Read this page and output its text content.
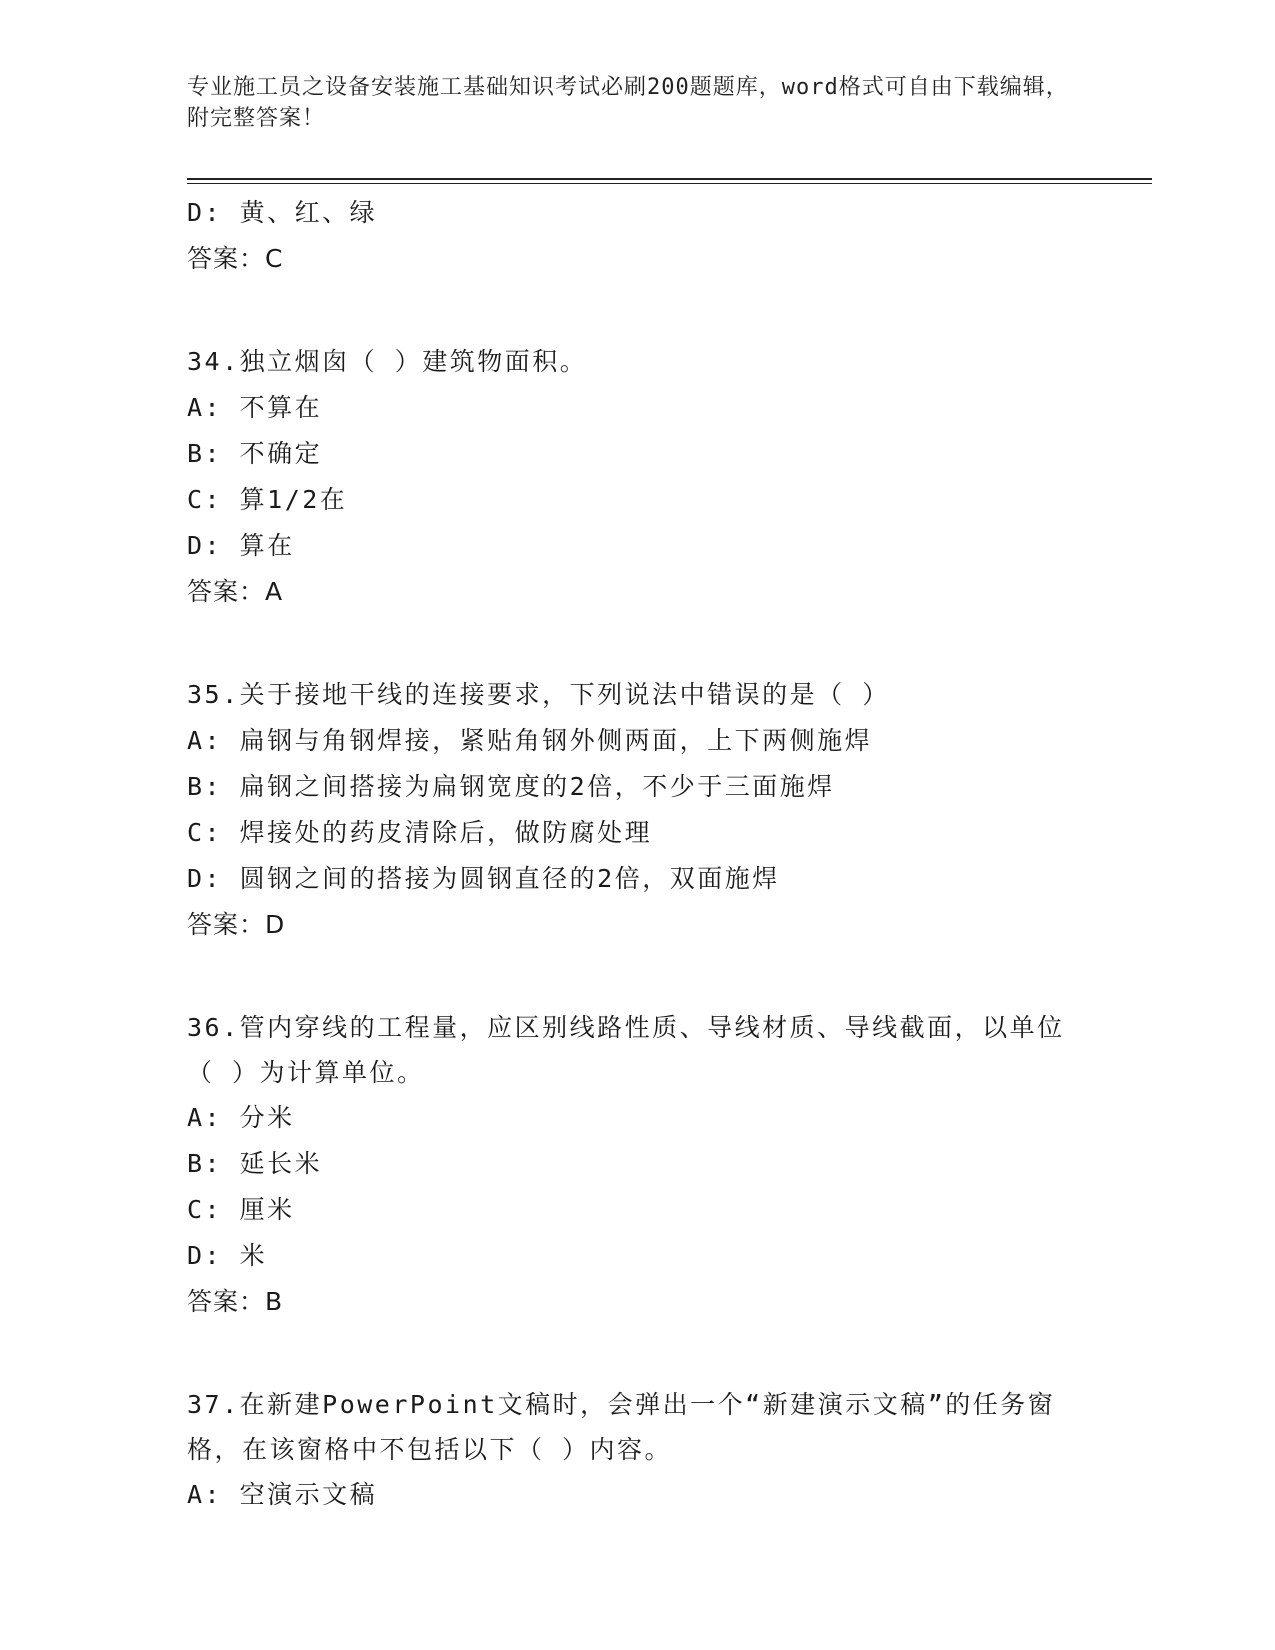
专业施工员之设备安装施工基础知识考试必刷200题题库，word格式可自由下载编辑，附完整答案！
D: 黄、红、绿
答案：C
34.独立烟囱（ ）建筑物面积。
A: 不算在
B: 不确定
C: 算1/2在
D: 算在
答案：A
35.关于接地干线的连接要求，下列说法中错误的是（ ）
A: 扁钢与角钢焊接，紧贴角钢外侧两面，上下两侧施焊
B: 扁钢之间搭接为扁钢宽度的2倍，不少于三面施焊
C: 焊接处的药皮清除后，做防腐处理
D: 圆钢之间的搭接为圆钢直径的2倍，双面施焊
答案：D
36.管内穿线的工程量，应区别线路性质、导线材质、导线截面，以单位（ ）为计算单位。
A: 分米
B: 延长米
C: 厘米
D: 米
答案：B
37.在新建PowerPoint文稿时，会弹出一个“新建演示文稿”的任务窗格，在该窗格中不包括以下（ ）内容。
A: 空演示文稿
